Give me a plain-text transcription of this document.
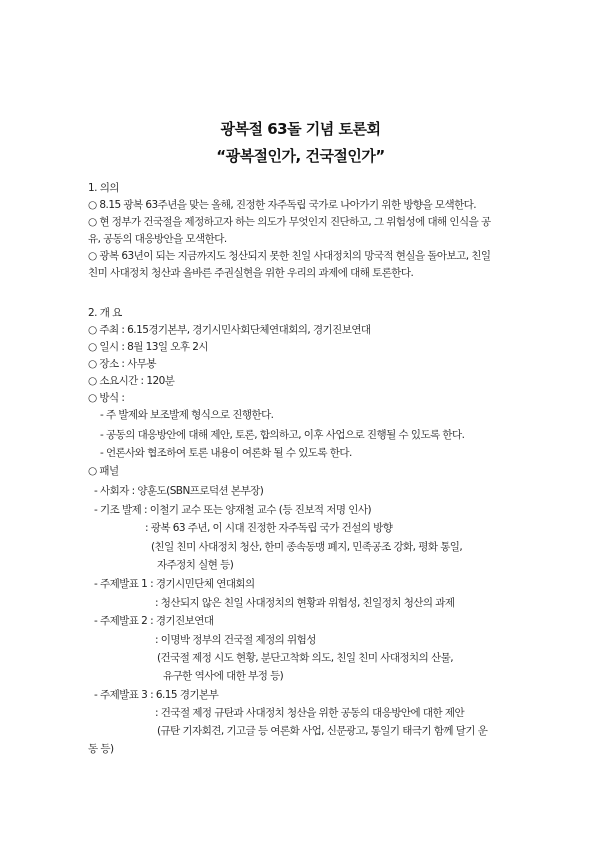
광복절 63돌 기념 토론회
“광복절인가, 건국절인가”
1. 의의
○ 8.15 광복 63주년을 맞는 올해, 진정한 자주독립 국가로 나아가기 위한 방향을 모색한다.
○ 현 정부가 건국절을 제정하고자 하는 의도가 무엇인지 진단하고, 그 위험성에 대해 인식을 공
유, 공동의 대응방안을 모색한다.
○ 광복 63년이 되는 지금까지도 청산되지 못한 친일 사대정치의 망국적 현실을 돌아보고, 친일
친미 사대정치 청산과 올바른 주권실현을 위한 우리의 과제에 대해 토론한다.
2. 개 요
○ 주최 : 6.15경기본부, 경기시민사회단체연대회의, 경기진보연대
○ 일시 : 8월 13일 오후 2시
○ 장소 : 사무봉
○ 소요시간 : 120분
○ 방식 :
- 주 발제와 보조발제 형식으로 진행한다.
- 공동의 대응방안에 대해 제안, 토론, 합의하고, 이후 사업으로 진행될 수 있도록 한다.
- 언론사와 협조하여 토론 내용이 여론화 될 수 있도록 한다.
○ 패널
- 사회자 : 양훈도(SBN프로덕션 본부장)
- 기조 발제 : 이철기 교수 또는 양재철 교수 (등 진보적 저명 인사)
: 광복 63 주년, 이 시대 진정한 자주독립 국가 건설의 방향
(친일 친미 사대정치 청산, 한미 종속동맹 폐지, 민족공조 강화, 평화 통일,
자주정치 실현 등)
- 주제발표 1 : 경기시민단체 연대회의
: 청산되지 않은 친일 사대정치의 현황과 위험성, 친일정치 청산의 과제
- 주제발표 2 : 경기진보연대
: 이명박 정부의 건국절 제정의 위험성
(건국절 제정 시도 현황, 분단고착화 의도, 친일 친미 사대정치의 산물,
유구한 역사에 대한 부정 등)
- 주제발표 3 : 6.15 경기본부
: 건국절 제정 규탄과 사대정치 청산을 위한 공동의 대응방안에 대한 제안
(규탄 기자회견, 기고글 등 여론화 사업, 신문광고, 통일기 태극기 함께 달기 운
동 등)
